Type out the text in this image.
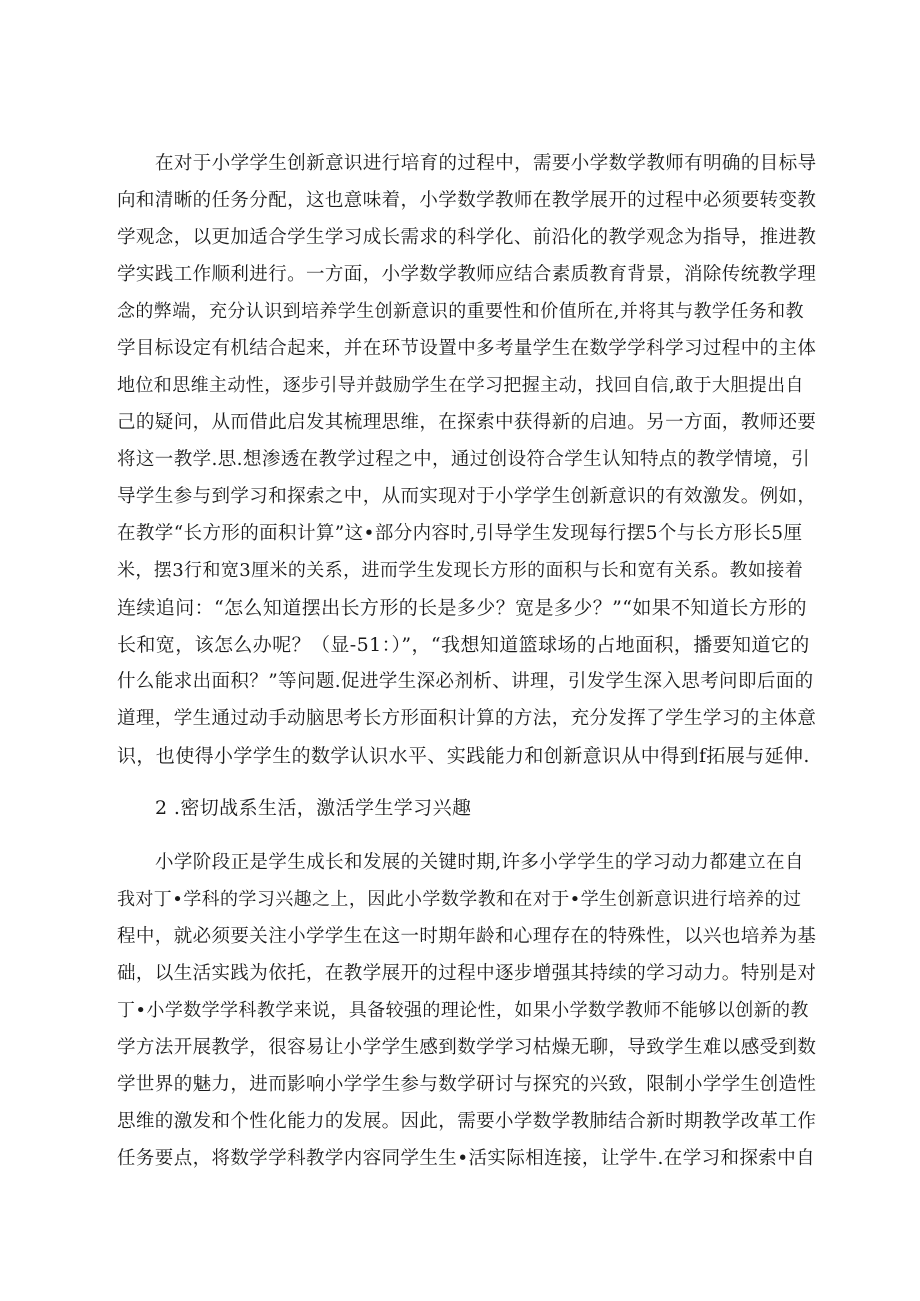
在对于小学学生创新意识进行培育的过程中，需要小学数学教师有明确的目标导
向和清晰的任务分配，这也意味着，小学数学教师在教学展开的过程中必须要转变教
学观念，以更加适合学生学习成长需求的科学化、前沿化的教学观念为指导，推进教
学实践工作顺利进行。一方面，小学数学教师应结合素质教育背景，消除传统教学理
念的弊端，充分认识到培养学生创新意识的重要性和价值所在,并将其与教学任务和教
学目标设定有机结合起来，并在环节设置中多考量学生在数学学科学习过程中的主体
地位和思维主动性，逐步引导并鼓励学生在学习把握主动，找回自信,敢于大胆提出自
己的疑问，从而借此启发其梳理思维，在探索中获得新的启迪。另一方面，教师还要
将这一教学.思.想渗透在教学过程之中，通过创设符合学生认知特点的教学情境，引
导学生参与到学习和探索之中，从而实现对于小学学生创新意识的有效激发。例如，
在教学“长方形的面积计算”这•部分内容时,引导学生发现每行摆5个与长方形长5厘
米，摆3行和宽3厘米的关系，进而学生发现长方形的面积与长和宽有关系。教如接着
连续追问：“怎么知道摆出长方形的长是多少？宽是多少？”“如果不知道长方形的
长和宽，该怎么办呢？（显-51：）”，“我想知道篮球场的占地面积，播要知道它的
什么能求出面积？”等问题.促进学生深必剂析、讲理，引发学生深入思考问即后面的
道理，学生通过动手动脑思考长方形面积计算的方法，充分发挥了学生学习的主体意
识，也使得小学学生的数学认识水平、实践能力和创新意识从中得到f拓展与延伸.
2 .密切战系生活，激活学生学习兴趣
小学阶段正是学生成长和发展的关键时期,许多小学学生的学习动力都建立在自
我对丁•学科的学习兴趣之上，因此小学数学教和在对于•学生创新意识进行培养的过
程中，就必须要关注小学学生在这一时期年龄和心理存在的特殊性，以兴也培养为基
础，以生活实践为依托，在教学展开的过程中逐步增强其持续的学习动力。特别是对
丁•小学数学学科教学来说，具备较强的理论性，如果小学数学教师不能够以创新的教
学方法开展教学，很容易让小学学生感到数学学习枯燥无聊，导致学生难以感受到数
学世界的魅力，进而影响小学学生参与数学研讨与探究的兴致，限制小学学生创造性
思维的激发和个性化能力的发展。因此，需要小学数学教肺结合新时期教学改革工作
任务要点，将数学学科教学内容同学生生•活实际相连接，让学牛.在学习和探索中自
